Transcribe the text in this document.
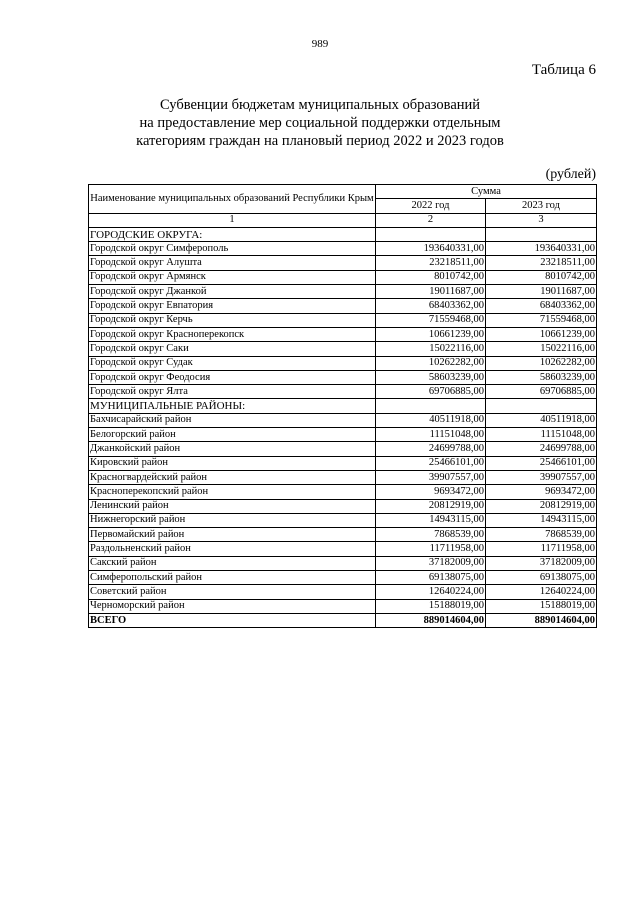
989
Таблица 6
Субвенции бюджетам муниципальных образований
на предоставление мер социальной поддержки отдельным
категориям граждан на плановый период 2022 и 2023 годов
(рублей)
Наименование муниципальных образований Республики Крым	Сумма	
	2022 год	2023 год
1	2	3
ГОРОДСКИЕ ОКРУГА:		
Городской округ Симферополь	193640331,00	193640331,00
Городской округ Алушта	23218511,00	23218511,00
Городской округ Армянск	8010742,00	8010742,00
Городской округ Джанкой	19011687,00	19011687,00
Городской округ Евпатория	68403362,00	68403362,00
Городской округ Керчь	71559468,00	71559468,00
Городской округ Красноперекопск	10661239,00	10661239,00
Городской округ Саки	15022116,00	15022116,00
Городской округ Судак	10262282,00	10262282,00
Городской округ Феодосия	58603239,00	58603239,00
Городской округ Ялта	69706885,00	69706885,00
МУНИЦИПАЛЬНЫЕ РАЙОНЫ:		
Бахчисарайский район	40511918,00	40511918,00
Белогорский район	11151048,00	11151048,00
Джанкойский район	24699788,00	24699788,00
Кировский район	25466101,00	25466101,00
Красногвардейский район	39907557,00	39907557,00
Красноперекопский район	9693472,00	9693472,00
Ленинский район	20812919,00	20812919,00
Нижнегорский район	14943115,00	14943115,00
Первомайский район	7868539,00	7868539,00
Раздольненский район	11711958,00	11711958,00
Сакский район	37182009,00	37182009,00
Симферопольский район	69138075,00	69138075,00
Советский район	12640224,00	12640224,00
Черноморский район	15188019,00	15188019,00
ВСЕГО	889014604,00	889014604,00
